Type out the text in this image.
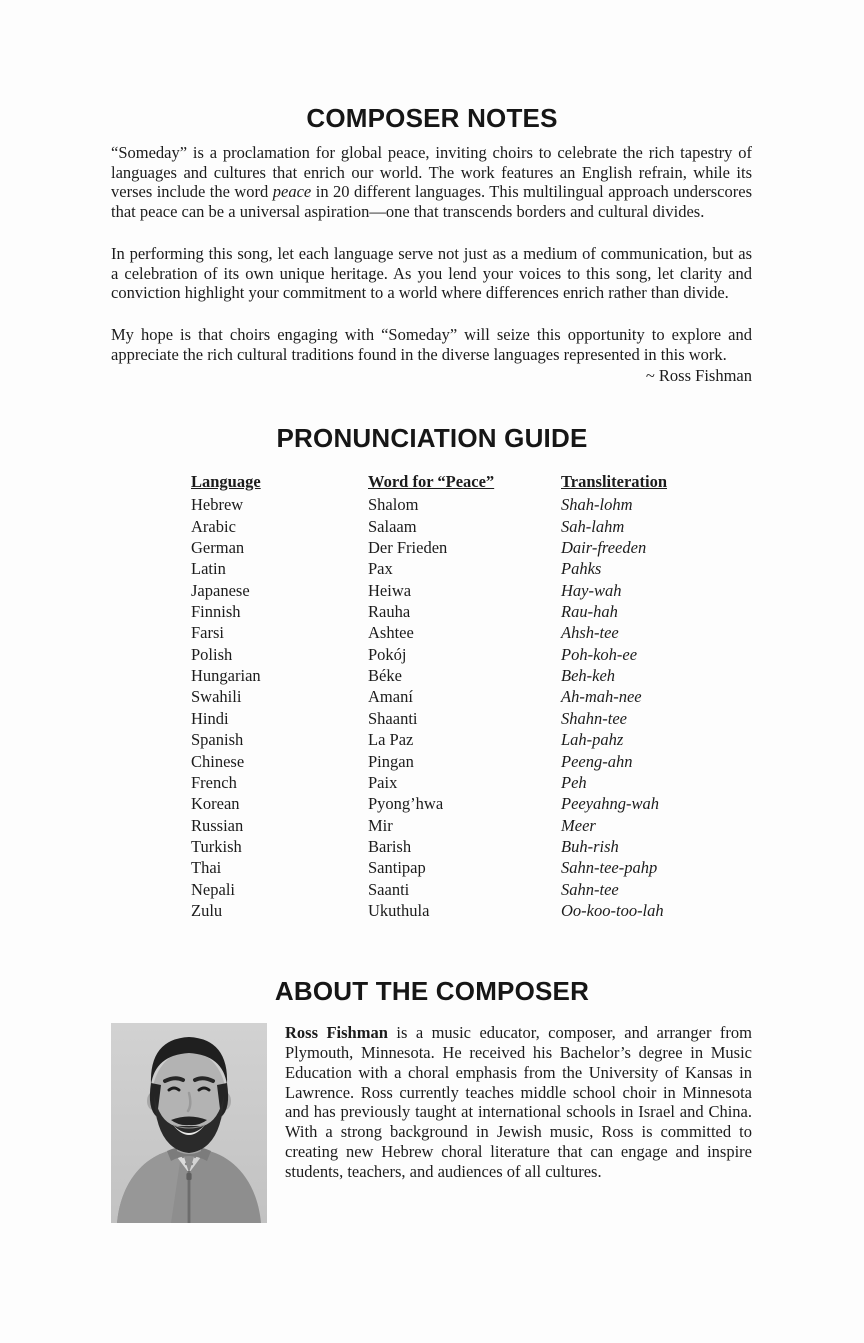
COMPOSER NOTES

“Someday” is a proclamation for global peace, inviting choirs to celebrate the rich tapestry of languages and cultures that enrich our world. The work features an English refrain, while its verses include the word peace in 20 different languages. This multilingual approach underscores that peace can be a universal aspiration—one that transcends borders and cultural divides.

In performing this song, let each language serve not just as a medium of communication, but as a celebration of its own unique heritage. As you lend your voices to this song, let clarity and conviction highlight your commitment to a world where differences enrich rather than divide.

My hope is that choirs engaging with “Someday” will seize this opportunity to explore and appreciate the rich cultural traditions found in the diverse languages represented in this work.

~ Ross Fishman
PRONUNCIATION GUIDE
Language	Word for “Peace”	Transliteration
Hebrew	Shalom	Shah-lohm
Arabic	Salaam	Sah-lahm
German	Der Frieden	Dair-freeden
Latin	Pax	Pahks
Japanese	Heiwa	Hay-wah
Finnish	Rauha	Rau-hah
Farsi	Ashtee	Ahsh-tee
Polish	Pokój	Poh-koh-ee
Hungarian	Béke	Beh-keh
Swahili	Amaní	Ah-mah-nee
Hindi	Shaanti	Shahn-tee
Spanish	La Paz	Lah-pahz
Chinese	Pingan	Peeng-ahn
French	Paix	Peh
Korean	Pyong’hwa	Peeyahng-wah
Russian	Mir	Meer
Turkish	Barish	Buh-rish
Thai	Santipap	Sahn-tee-pahp
Nepali	Saanti	Sahn-tee
Zulu	Ukuthula	Oo-koo-too-lah
ABOUT THE COMPOSER

Ross Fishman is a music educator, composer, and arranger from Plymouth, Minnesota. He received his Bachelor’s degree in Music Education with a choral emphasis from the University of Kansas in Lawrence. Ross currently teaches middle school choir in Minnesota and has previously taught at international schools in Israel and China. With a strong background in Jewish music, Ross is committed to creating new Hebrew choral literature that can engage and inspire students, teachers, and audiences of all cultures.
